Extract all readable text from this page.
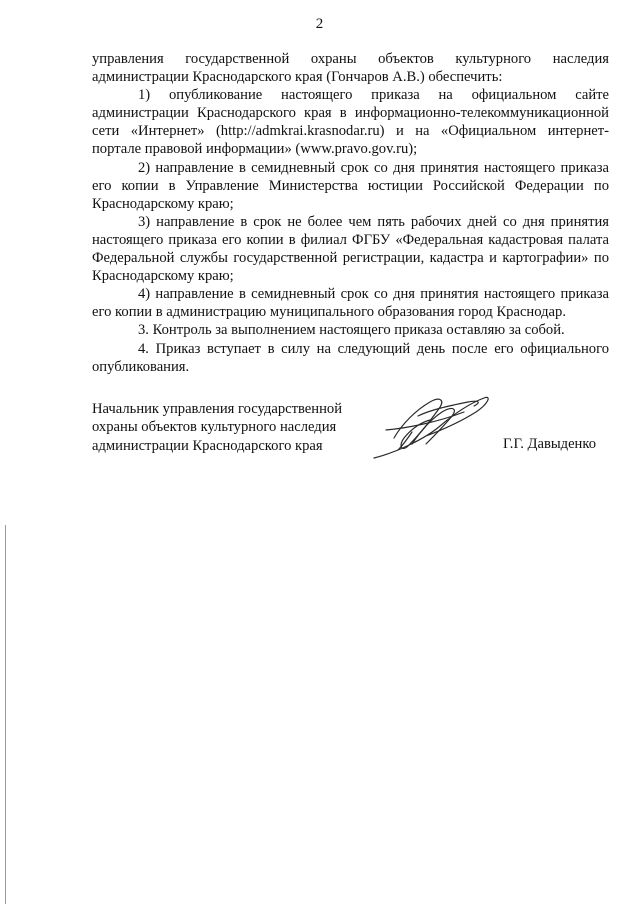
2

управления государственной охраны объектов культурного наследия администрации Краснодарского края (Гончаров А.В.) обеспечить:

1) опубликование настоящего приказа на официальном сайте администрации Краснодарского края в информационно-телекоммуникационной сети «Интернет» (http://admkrai.krasnodar.ru) и на «Официальном интернет-портале правовой информации» (www.pravo.gov.ru);

2) направление в семидневный срок со дня принятия настоящего приказа его копии в Управление Министерства юстиции Российской Федерации по Краснодарскому краю;

3) направление в срок не более чем пять рабочих дней со дня принятия настоящего приказа его копии в филиал ФГБУ «Федеральная кадастровая палата Федеральной службы государственной регистрации, кадастра и картографии» по Краснодарскому краю;

4) направление в семидневный срок со дня принятия настоящего приказа его копии в администрацию муниципального образования город Краснодар.

3. Контроль за выполнением настоящего приказа оставляю за собой.

4. Приказ вступает в силу на следующий день после его официального опубликования.

Начальник управления государственной
охраны объектов культурного наследия
администрации Краснодарского края	Г.Г. Давыденко
